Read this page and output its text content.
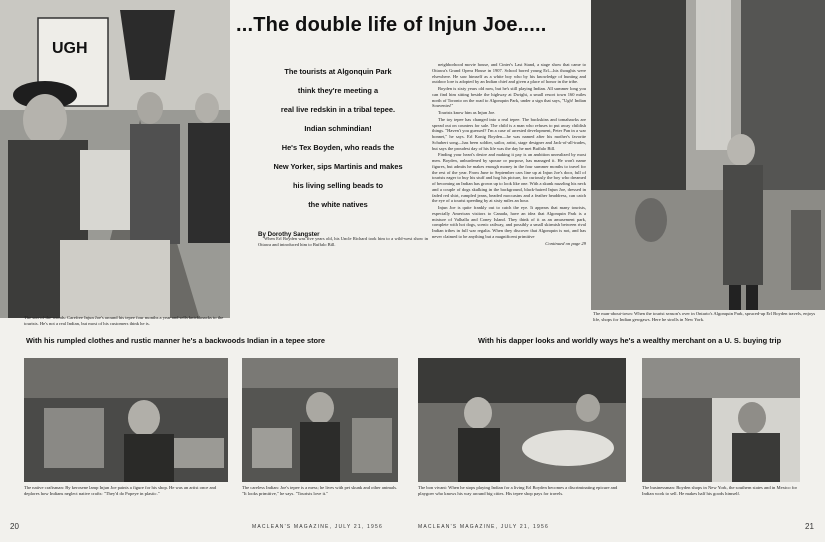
UGH
The son-of-the-woods: Carefree Injun Joe's around his tepee four months a year and sells knickknacks to the tourists. He's not a real Indian, but most of his customers think he is.
...The double life of Injun Joe.....
The tourists at Algonquin Park
think they're meeting a
real live redskin in a tribal tepee.
Indian schmindian!
He's Tex Boyden, who reads the
New Yorker, sips Martinis and makes
his living selling beads to
the white natives
By Dorothy Sangster

When Erl Boyden was five years old, his Uncle Richard took him to a wild-west show in Ottawa and introduced him to Buffalo Bill.

neighborhood movie house, and Cinter's Last Stand, a stage show that came to Ottawa's Grand Opera House in 1907. School bored young Erl—his thoughts were elsewhere. He saw himself as a white boy who by his knowledge of hunting and outdoor lore is adopted by an Indian chief and given a place of honor in the tribe.

Boyden is sixty years old now, but he's still playing Indian. All summer long you can find him sitting beside the highway at Dwight, a small resort town 160 miles north of Toronto on the road to Algonquin Park, under a sign that says, "Ugh! Indian Souvenirs!"

Tourists know him as Injun Joe.

The toy tepee has changed into a real tepee. The buckskins and tomahawks are spread out on counters for sale. The child is a man who refuses to put away childish things. "Haven't you guessed? I'm a case of arrested development, Peter Pan in a war bonnet," he says. Erl Konig Boyden—he was named after his mother's favorite Schubert song—has been soldier, sailor, artist, stage designer and Jack-of-all-trades, but says the proudest day of his life was the day he met Buffalo Bill.

Finding your heart's desire and making it pay is an ambition unrealized by most men. Boyden, unburdened by spouse or purpose, has managed it. He won't name figures, but admits he makes enough money in the four summer months to travel for the rest of the year. From June to September cars line up at Injun Joe's door, full of tourists eager to buy his stuff and hog his picture, for curiously the boy who dreamed of becoming an Indian has grown up to look like one. With a skunk nuzzling his neck and a couple of dogs skulking in the background, black-haired Injun Joe, dressed in faded red shirt, rumpled jeans, beaded moccasins and a feather headdress, can catch the eye of a tourist speeding by at sixty miles an hour.

Injun Joe is quite frankly out to catch the eye. It appears that many tourists, especially American visitors to Canada, have an idea that Algonquin Park is a mixture of Valhalla and Coney Island. They think of it as an amusement park, complete with hot dogs, scenic railway, and possibly a small skirmish between rival Indian tribes in full war regalia. When they discover that Algonquin is not, and has never claimed to be anything but a magnificent primitive

Continued on page 29
The man-about-town: When the tourist season's over in Ontario's Algonquin Park, spruced-up Erl Boyden travels, enjoys life, shops for Indian gewgaws. Here he strolls in New York.
With his rumpled clothes and rustic manner he's a backwoods Indian in a tepee store	With his dapper looks and worldly ways he's a wealthy merchant on a U. S. buying trip
The native craftsman: By kerosene lamp Injun Joe paints a figure for his shop. He was an artist once and deplores how Indians neglect native crafts: "They'd do Popeye in plastic."
The careless Indian: Joe's tepee is a mess; he lives with pet skunk and other animals. "It looks primitive," he says. "Tourists love it."
The bon vivant: When he stops playing Indian for a living Erl Boyden becomes a discriminating epicure and playgoer who knows his way around big cities. His tepee shop pays for travels.
The businessman: Boyden shops in New York, the southern states and in Mexico for Indian work to sell. He makes half his goods himself.
20	MACLEAN'S MAGAZINE, JULY 21, 1956	MACLEAN'S MAGAZINE, JULY 21, 1956	21
